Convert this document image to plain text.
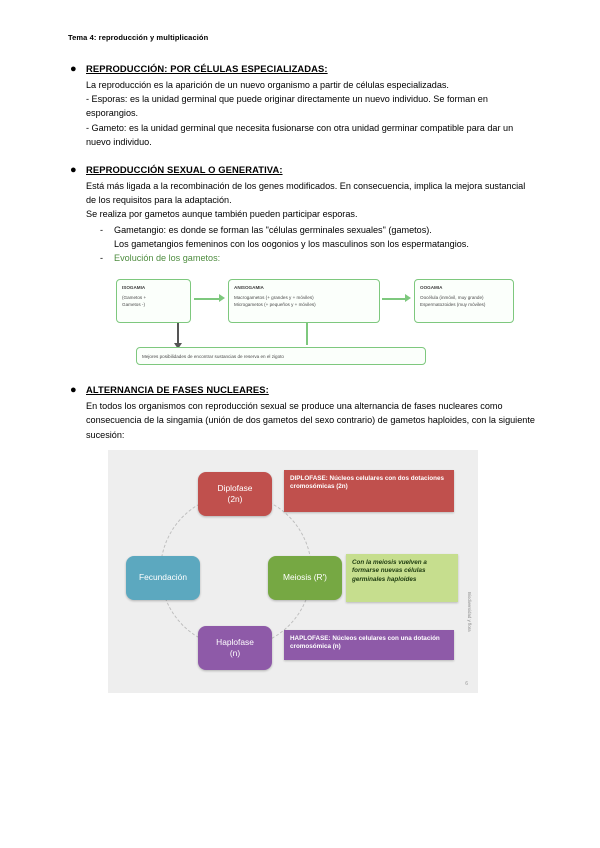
Tema 4: reproducción y multiplicación
● REPRODUCCIÓN: POR CÉLULAS ESPECIALIZADAS:
La reproducción es la aparición de un nuevo organismo a partir de células especializadas.
- Esporas: es la unidad germinal que puede originar directamente un nuevo individuo. Se forman en esporangios.
- Gameto: es la unidad germinal que necesita fusionarse con otra unidad germinar compatible para dar un nuevo individuo.
● REPRODUCCIÓN SEXUAL O GENERATIVA:
Está más ligada a la recombinación de los genes modificados. En consecuencia, implica la mejora sustancial de los requisitos para la adaptación.
Se realiza por gametos aunque también pueden participar esporas.
-	Gametangio: es donde se forman las "células germinales sexuales" (gametos).
Los gametangios femeninos con los oogonios y los masculinos son los espermatangios.
-	Evolución de los gametos:
ISOGAMIA
(Gametos +
Gametos -)
ANISOGAMIA
Macrogametos (+ grandes y + móviles)
Microgametos (+ pequeños y + móviles)
OOGAMIA
Oocélula (inmóvil, muy grande)
Espermatozoides (muy móviles)
Mejores posibilidades de encontrar sustancias de reserva en el zigoto
● ALTERNANCIA DE FASES NUCLEARES:
En todos los organismos con reproducción sexual se produce una alternancia de fases nucleares como consecuencia de la singamia (unión de dos gametos del sexo contrario) de gametos haploides, con la siguiente sucesión:
Diplofase
(2n)
Meiosis (R')
Haplofase
(n)
Fecundación
DIPLOFASE: Núcleos celulares con dos dotaciones cromosómicas (2n)
Con la meiosis vuelven a formarse nuevas células germinales haploides
HAPLOFASE: Núcleos celulares con una dotación cromosómica (n)
Biodiversidad y flora
6
